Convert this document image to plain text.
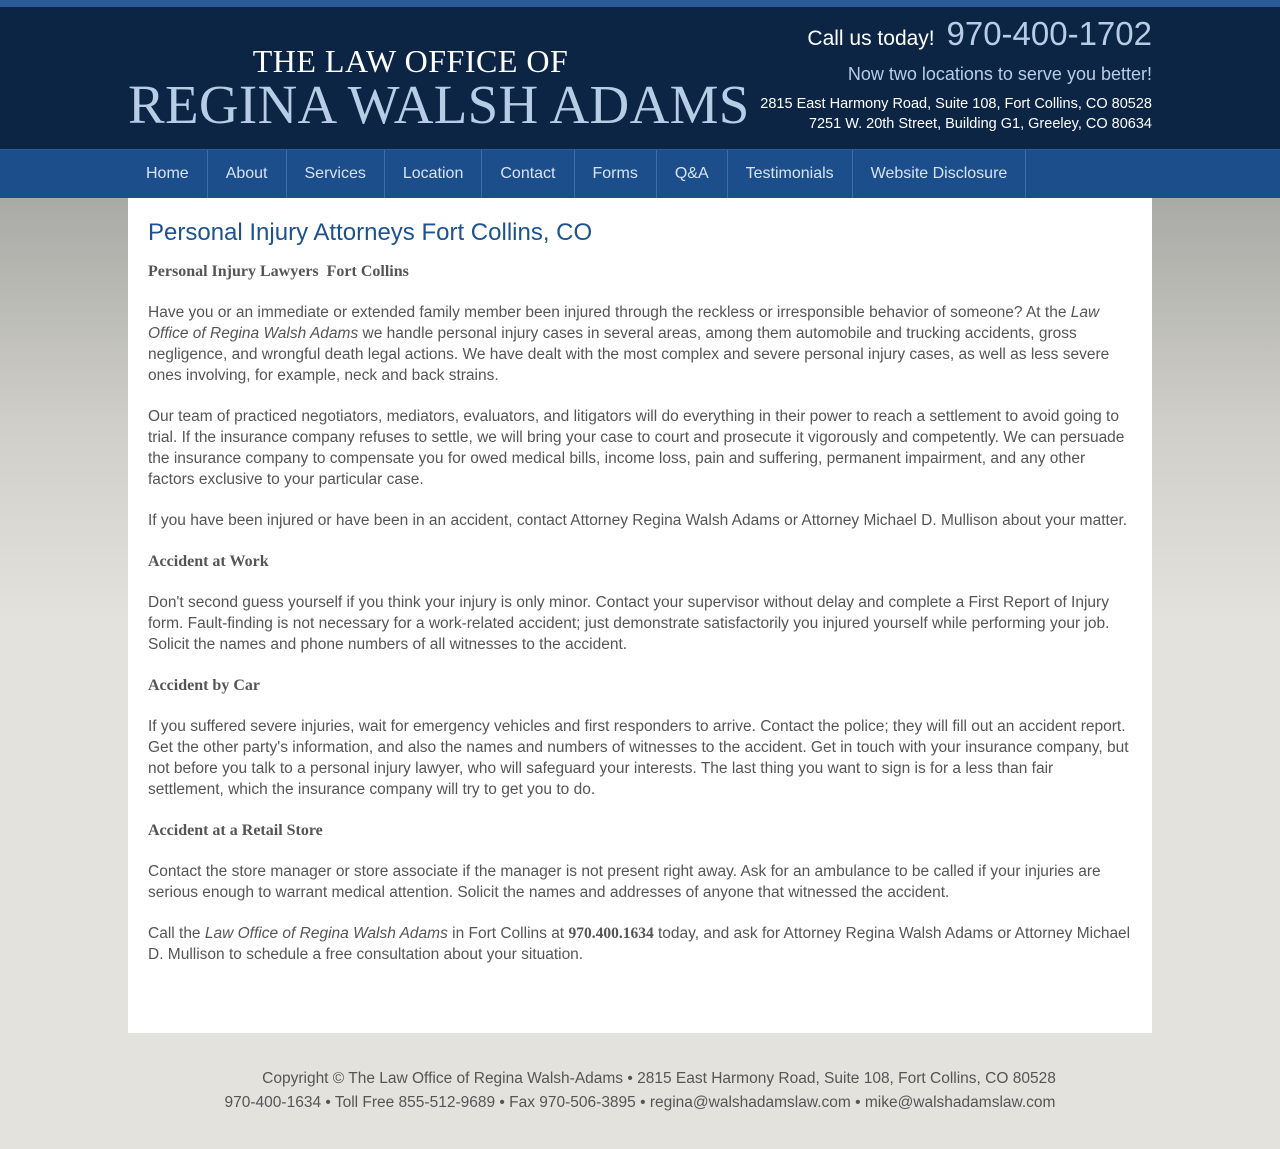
THE LAW OFFICE OF
REGINA WALSH ADAMS
Call us today! 970-400-1702
Now two locations to serve you better!
2815 East Harmony Road, Suite 108, Fort Collins, CO 80528
7251 W. 20th Street, Building G1, Greeley, CO 80634
Home	About	Services	Location	Contact	Forms	Q&A	Testimonials	Website Disclosure
Personal Injury Attorneys Fort Collins, CO

Personal Injury Lawyers  Fort Collins

Have you or an immediate or extended family member been injured through the reckless or irresponsible behavior of someone? At the Law Office of Regina Walsh Adams we handle personal injury cases in several areas, among them automobile and trucking accidents, gross negligence, and wrongful death legal actions. We have dealt with the most complex and severe personal injury cases, as well as less severe ones involving, for example, neck and back strains.

Our team of practiced negotiators, mediators, evaluators, and litigators will do everything in their power to reach a settlement to avoid going to trial. If the insurance company refuses to settle, we will bring your case to court and prosecute it vigorously and competently. We can persuade the insurance company to compensate you for owed medical bills, income loss, pain and suffering, permanent impairment, and any other factors exclusive to your particular case.

If you have been injured or have been in an accident, contact Attorney Regina Walsh Adams or Attorney Michael D. Mullison about your matter.

Accident at Work

Don't second guess yourself if you think your injury is only minor. Contact your supervisor without delay and complete a First Report of Injury form. Fault-finding is not necessary for a work-related accident; just demonstrate satisfactorily you injured yourself while performing your job. Solicit the names and phone numbers of all witnesses to the accident.

Accident by Car

If you suffered severe injuries, wait for emergency vehicles and first responders to arrive. Contact the police; they will fill out an accident report. Get the other party's information, and also the names and numbers of witnesses to the accident. Get in touch with your insurance company, but not before you talk to a personal injury lawyer, who will safeguard your interests. The last thing you want to sign is for a less than fair settlement, which the insurance company will try to get you to do.

Accident at a Retail Store

Contact the store manager or store associate if the manager is not present right away. Ask for an ambulance to be called if your injuries are serious enough to warrant medical attention. Solicit the names and addresses of anyone that witnessed the accident.

Call the Law Office of Regina Walsh Adams in Fort Collins at 970.400.1634 today, and ask for Attorney Regina Walsh Adams or Attorney Michael D. Mullison to schedule a free consultation about your situation.

Copyright © The Law Office of Regina Walsh-Adams • 2815 East Harmony Road, Suite 108, Fort Collins, CO 80528
970-400-1634 • Toll Free 855-512-9689 • Fax 970-506-3895 • regina@walshadamslaw.com • mike@walshadamslaw.com
